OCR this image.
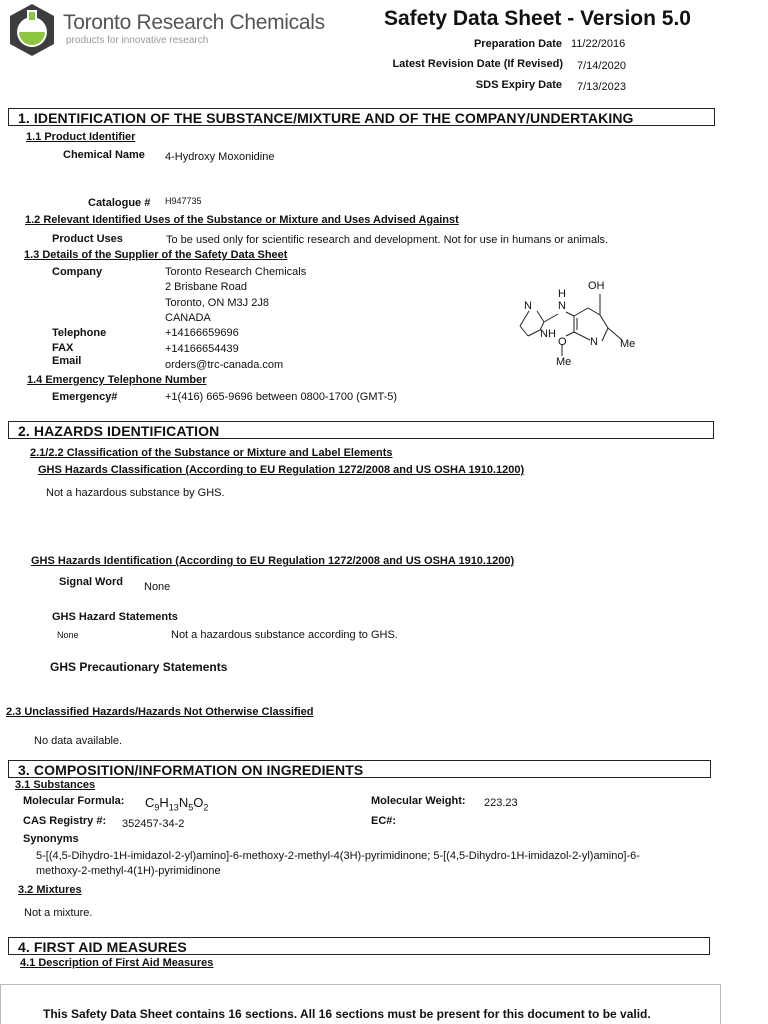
Toronto Research Chemicals
products for innovative research
Safety Data Sheet - Version 5.0
Preparation Date 11/22/2016
Latest Revision Date (If Revised) 7/14/2020
SDS Expiry Date 7/13/2023
1. IDENTIFICATION OF THE SUBSTANCE/MIXTURE AND OF THE COMPANY/UNDERTAKING
1.1 Product Identifier
Chemical Name 4-Hydroxy Moxonidine
Catalogue # H947735
1.2 Relevant Identified Uses of the Substance or Mixture and Uses Advised Against
Product Uses	To be used only for scientific research and development. Not for use in humans or animals.
1.3 Details of the Supplier of the Safety Data Sheet
Company	Toronto Research Chemicals
2 Brisbane Road
Toronto, ON M3J 2J8
CANADA
Telephone	+14166659696
FAX	+14166654439
Email	orders@trc-canada.com
N
H
N
OH
NH
N
O	Me
Me
1.4 Emergency Telephone Number
Emergency#	+1(416) 665-9696 between 0800-1700 (GMT-5)
2. HAZARDS IDENTIFICATION
2.1/2.2 Classification of the Substance or Mixture and Label Elements
GHS Hazards Classification (According to EU Regulation 1272/2008 and US OSHA 1910.1200)
Not a hazardous substance by GHS.
GHS Hazards Identification (According to EU Regulation 1272/2008 and US OSHA 1910.1200)
Signal Word None
GHS Hazard Statements
None	Not a hazardous substance according to GHS.
GHS Precautionary Statements
2.3 Unclassified Hazards/Hazards Not Otherwise Classified
No data available.
3. COMPOSITION/INFORMATION ON INGREDIENTS
3.1 Substances
Molecular Formula: $C_9H_{13}N_5O_2$
Molecular Weight: 223.23
CAS Registry #: 352457-34-2	EC#:
Synonyms
5-[(4,5-Dihydro-1H-imidazol-2-yl)amino]-6-methoxy-2-methyl-4(3H)-pyrimidinone; 5-[(4,5-Dihydro-1H-imidazol-2-yl)amino]-6-
methoxy-2-methyl-4(1H)-pyrimidinone
3.2 Mixtures
Not a mixture.
4. FIRST AID MEASURES
4.1 Description of First Aid Measures
This Safety Data Sheet contains 16 sections. All 16 sections must be present for this document to be valid.
